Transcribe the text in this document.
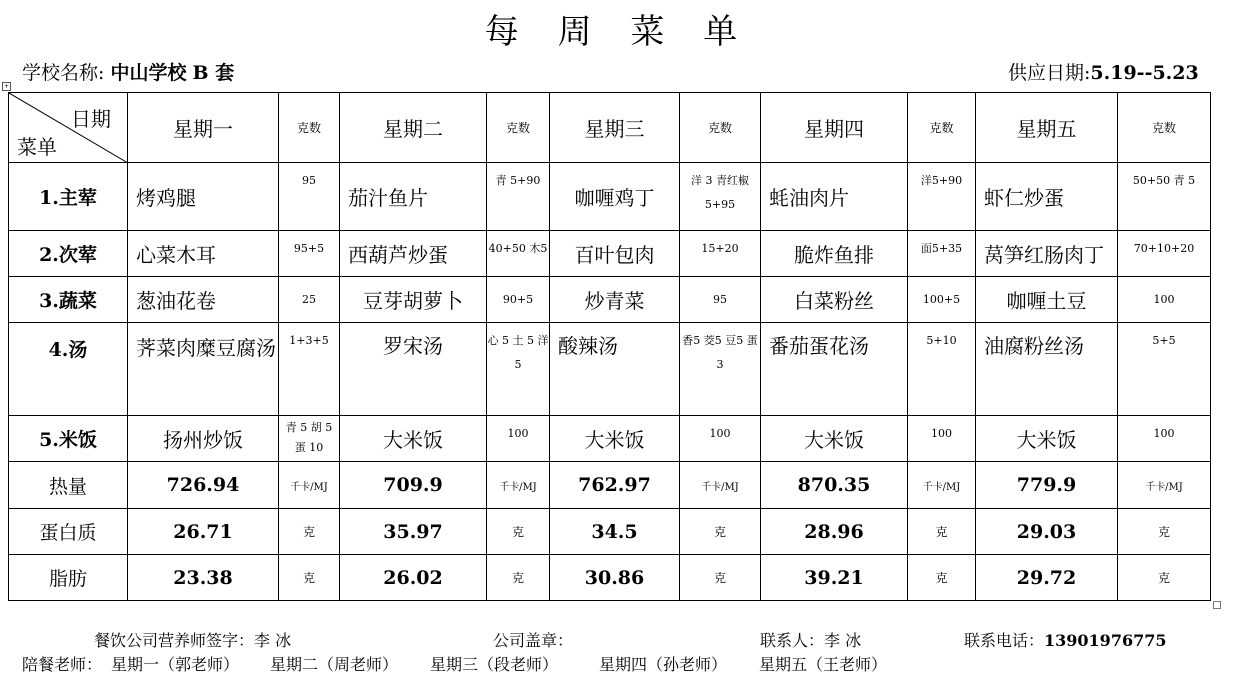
每 周 菜 单
学校名称: 中山学校 B 套	供应日期:5.19--5.23
+
日期
菜单	星期一	克数	星期二	克数	星期三	克数	星期四	克数	星期五	克数
1.主荤	烤鸡腿	95	茄汁鱼片	青 5+90	咖喱鸡丁	洋 3 青红椒 5+95	蚝油肉片	洋5+90	虾仁炒蛋	50+50 青 5
2.次荤	心菜木耳	95+5	西葫芦炒蛋	40+50 木5	百叶包肉	15+20	脆炸鱼排	面5+35	莴笋红肠肉丁	70+10+20
3.蔬菜	葱油花卷	25	豆芽胡萝卜	90+5	炒青菜	95	白菜粉丝	100+5	咖喱土豆	100
4.汤	荠菜肉糜豆腐汤	1+3+5	罗宋汤	心 5 土 5 洋5	酸辣汤	香5 茭5 豆5 蛋3	番茄蛋花汤	5+10	油腐粉丝汤	5+5
5.米饭	扬州炒饭	青 5 胡 5 蛋 10	大米饭	100	大米饭	100	大米饭	100	大米饭	100
热量	726.94	千卡/MJ	709.9	千卡/MJ	762.97	千卡/MJ	870.35	千卡/MJ	779.9	千卡/MJ
蛋白质	26.71	克	35.97	克	34.5	克	28.96	克	29.03	克
脂肪	23.38	克	26.02	克	30.86	克	39.21	克	29.72	克
餐饮公司营养师签字：李 冰	公司盖章：	联系人：李 冰	联系电话：13901976775
陪餐老师： 星期一（郭老师） 星期二（周老师） 星期三（段老师）	星期四（孙老师） 星期五（王老师）
